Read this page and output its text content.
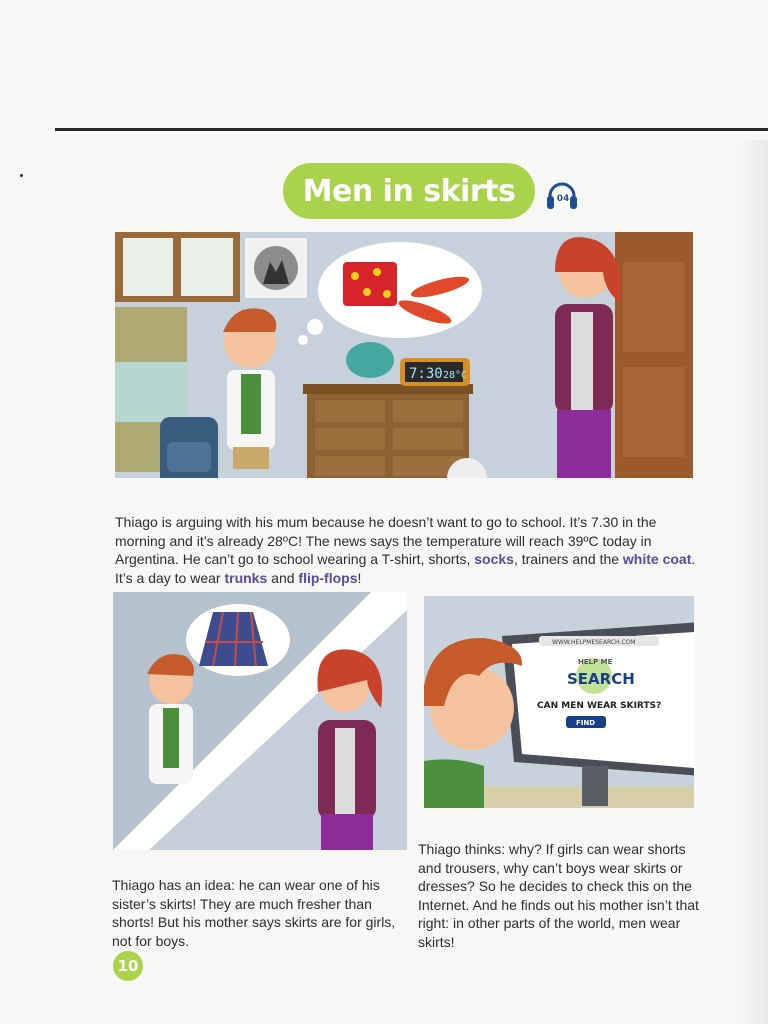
Men in skirts	04
7:30 28°C

Thiago is arguing with his mum because he doesn’t want to go to school. It’s 7.30 in the morning and it’s already 28ºC! The news says the temperature will reach 39ºC today in Argentina. He can’t go to school wearing a T-shirt, shorts, socks, trainers and the white coat. It’s a day to wear trunks and flip-flops!

Thiago has an idea: he can wear one of his sister’s skirts! They are much fresher than shorts! But his mother says skirts are for girls, not for boys.

WWW.HELPMESEARCH.COM
HELP ME
SEARCH
CAN MEN WEAR SKIRTS?
FIND

Thiago thinks: why? If girls can wear shorts and trousers, why can’t boys wear skirts or dresses? So he decides to check this on the Internet. And he finds out his mother isn’t that right: in other parts of the world, men wear skirts!

10
